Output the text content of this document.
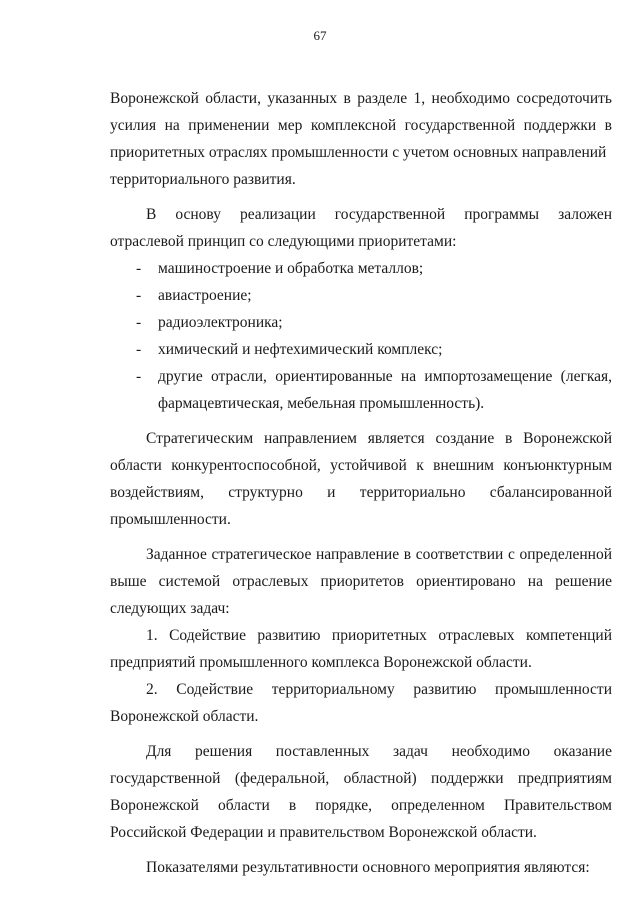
67

Воронежской области, указанных в разделе 1, необходимо сосредоточить усилия на применении мер комплексной государственной поддержки в приоритетных отраслях промышленности с учетом основных направлений

территориального развития.

В основу реализации государственной программы заложен отраслевой принцип со следующими приоритетами:

- машиностроение и обработка металлов;
- авиастроение;
- радиоэлектроника;
- химический и нефтехимический комплекс;
- другие отрасли, ориентированные на импортозамещение (легкая, фармацевтическая, мебельная промышленность).

Стратегическим направлением является создание в Воронежской области конкурентоспособной, устойчивой к внешним конъюнктурным воздействиям, структурно и территориально сбалансированной промышленности.

Заданное стратегическое направление в соответствии с определенной выше системой отраслевых приоритетов ориентировано на решение следующих задач:

1. Содействие развитию приоритетных отраслевых компетенций предприятий промышленного комплекса Воронежской области.

2. Содействие территориальному развитию промышленности Воронежской области.

Для решения поставленных задач необходимо оказание государственной (федеральной, областной) поддержки предприятиям Воронежской области в порядке, определенном Правительством Российской Федерации и правительством Воронежской области.

Показателями результативности основного мероприятия являются:
